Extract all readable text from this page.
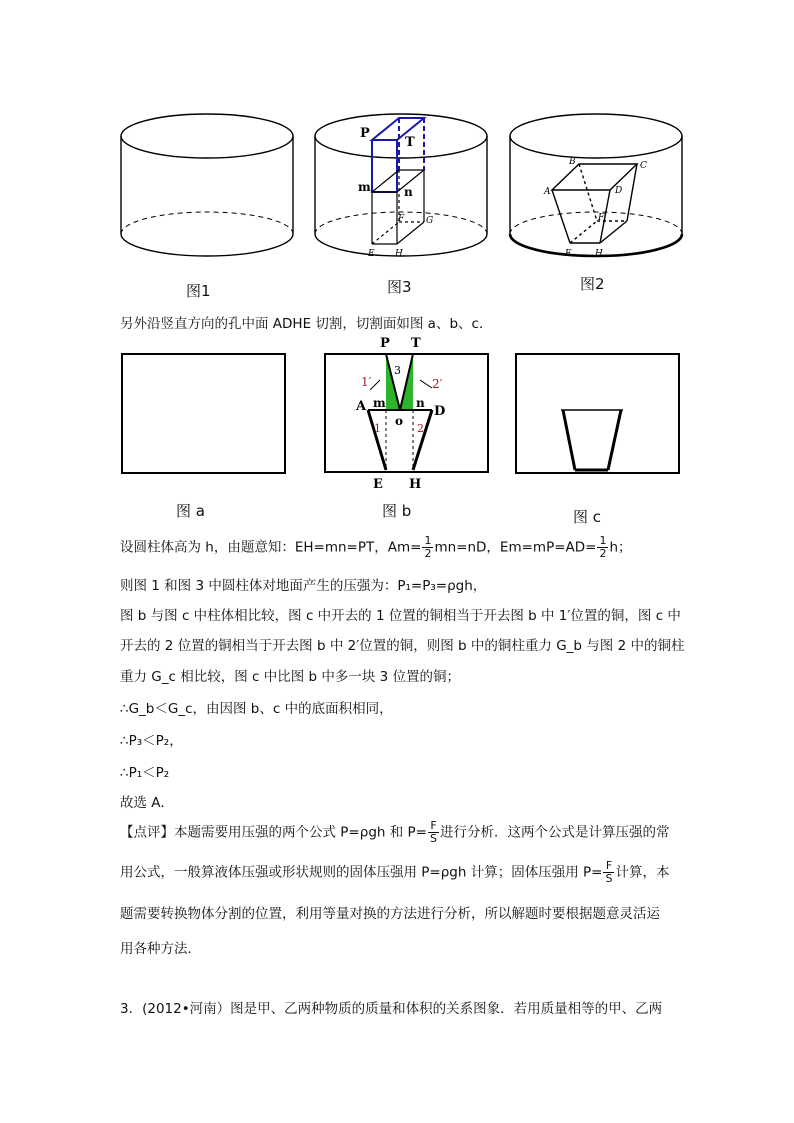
图1
P
T
m	n
F G
E H
图3
A
B	C
D
F
E	H
图2
另外沿竖直方向的孔中面 ADHE 切割，切割面如图 a、b、c．
图 a
P T
A	D
m	n
o
E H
1′	2′
3
1	2
图 b	图 c
设圆柱体高为 h，由题意知：EH=mn=PT，$Am= \frac{1}{2} mn=nD$，$Em=mP=AD= \frac{1}{2}$ h；
则图 1 和图 3 中圆柱体对地面产生的压强为：P₁=P₃=ρgh，
图 b 与图 c 中柱体相比较，图 c 中开去的 1 位置的铜相当于开去图 b 中 1′位置的铜，图 c 中
开去的 2 位置的铜相当于开去图 b 中 2′位置的铜，则图 b 中的铜柱重力 G_b 与图 2 中的铜柱
重力 G_c 相比较，图 c 中比图 b 中多一块 3 位置的铜；
∴G_b＜G_c，由因图 b、c 中的底面积相同，
∴P₃＜P₂，
∴P₁＜P₂
故选 A．
【点评】本题需要用压强的两个公式 P=ρgh 和 $P= \frac{F}{S}$ 进行分析．这两个公式是计算压强的常
用公式，一般算液体压强或形状规则的固体压强用 P=ρgh 计算；固体压强用 $P= \frac{F}{S}$ 计算，本
题需要转换物体分割的位置，利用等量对换的方法进行分析，所以解题时要根据题意灵活运
用各种方法．
3．(2012•河南）图是甲、乙两种物质的质量和体积的关系图象．若用质量相等的甲、乙两
